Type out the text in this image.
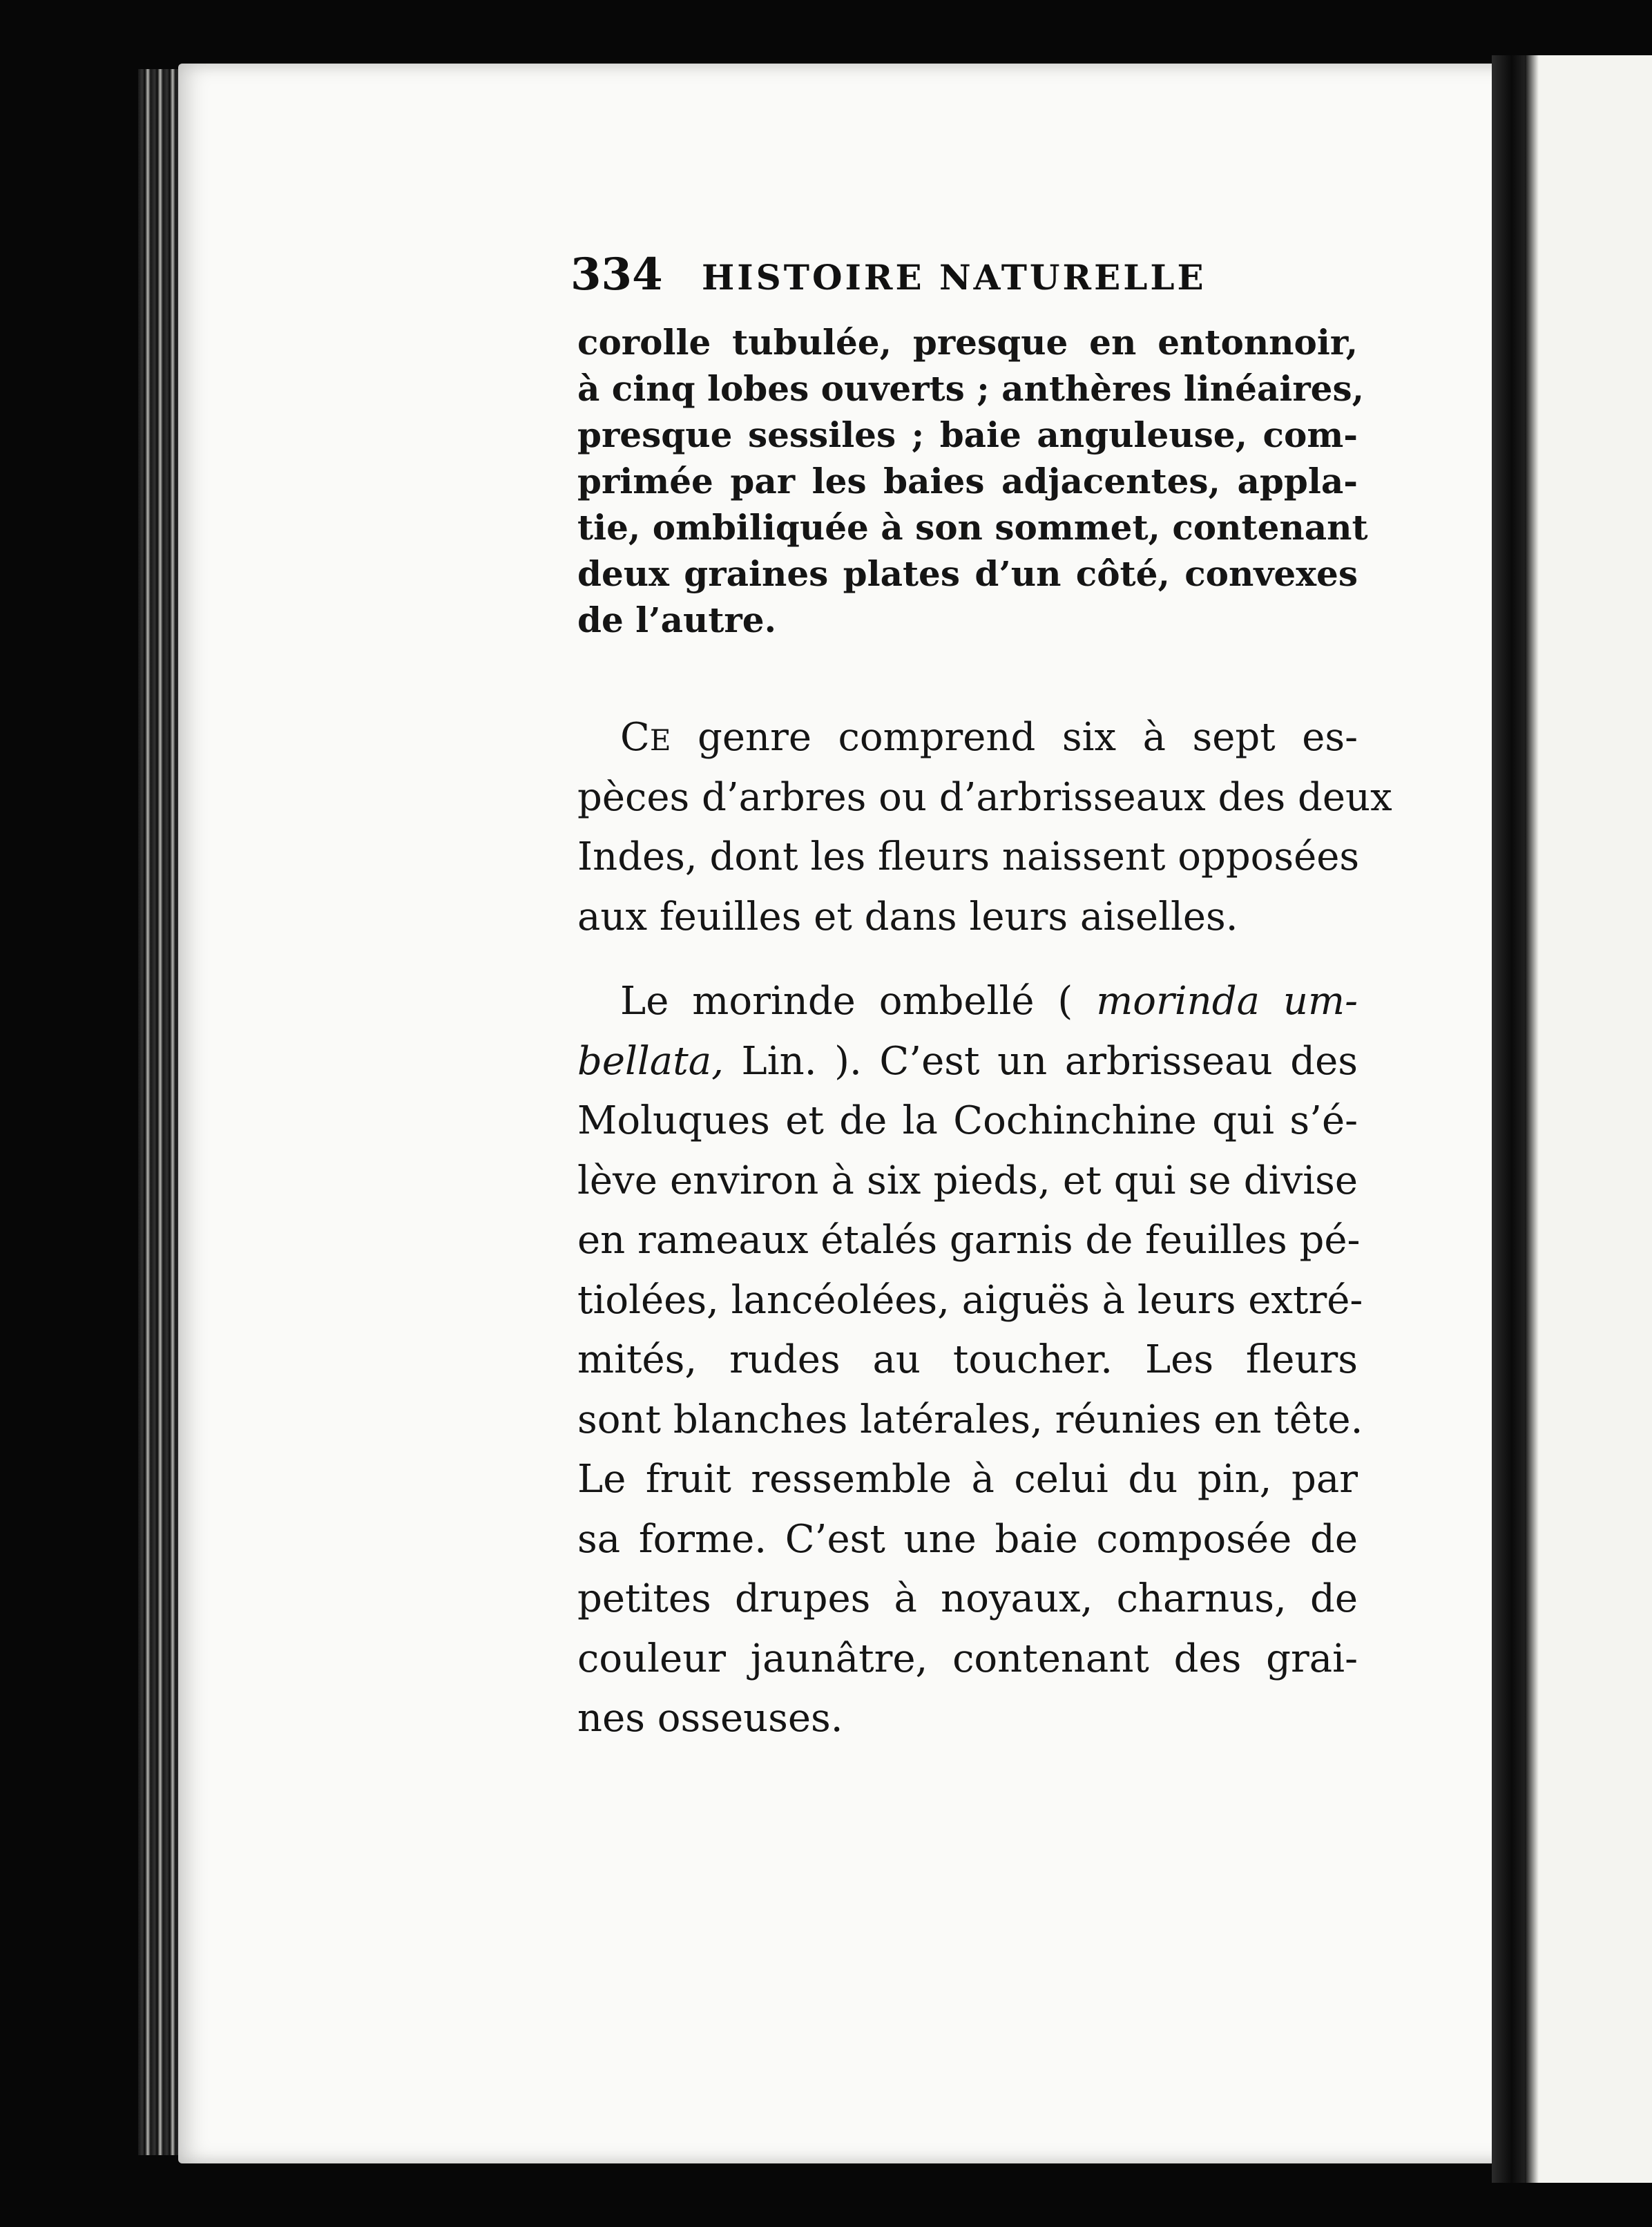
334	HISTOIRE NATURELLE
corolle tubulée, presque en entonnoir,
à cinq lobes ouverts ; anthères linéaires,
presque sessiles ; baie anguleuse, com-
primée par les baies adjacentes, appla-
tie, ombiliquée à son sommet, contenant
deux graines plates d’un côté, convexes
de l’autre.
CE genre comprend six à sept es-
pèces d’arbres ou d’arbrisseaux des deux
Indes, dont les fleurs naissent opposées
aux feuilles et dans leurs aiselles.
Le morinde ombellé ( morinda um-
bellata, Lin. ). C’est un arbrisseau des
Moluques et de la Cochinchine qui s’é-
lève environ à six pieds, et qui se divise
en rameaux étalés garnis de feuilles pé-
tiolées, lancéolées, aiguës à leurs extré-
mités, rudes au toucher. Les fleurs
sont blanches latérales, réunies en tête.
Le fruit ressemble à celui du pin, par
sa forme. C’est une baie composée de
petites drupes à noyaux, charnus, de
couleur jaunâtre, contenant des grai-
nes osseuses.
